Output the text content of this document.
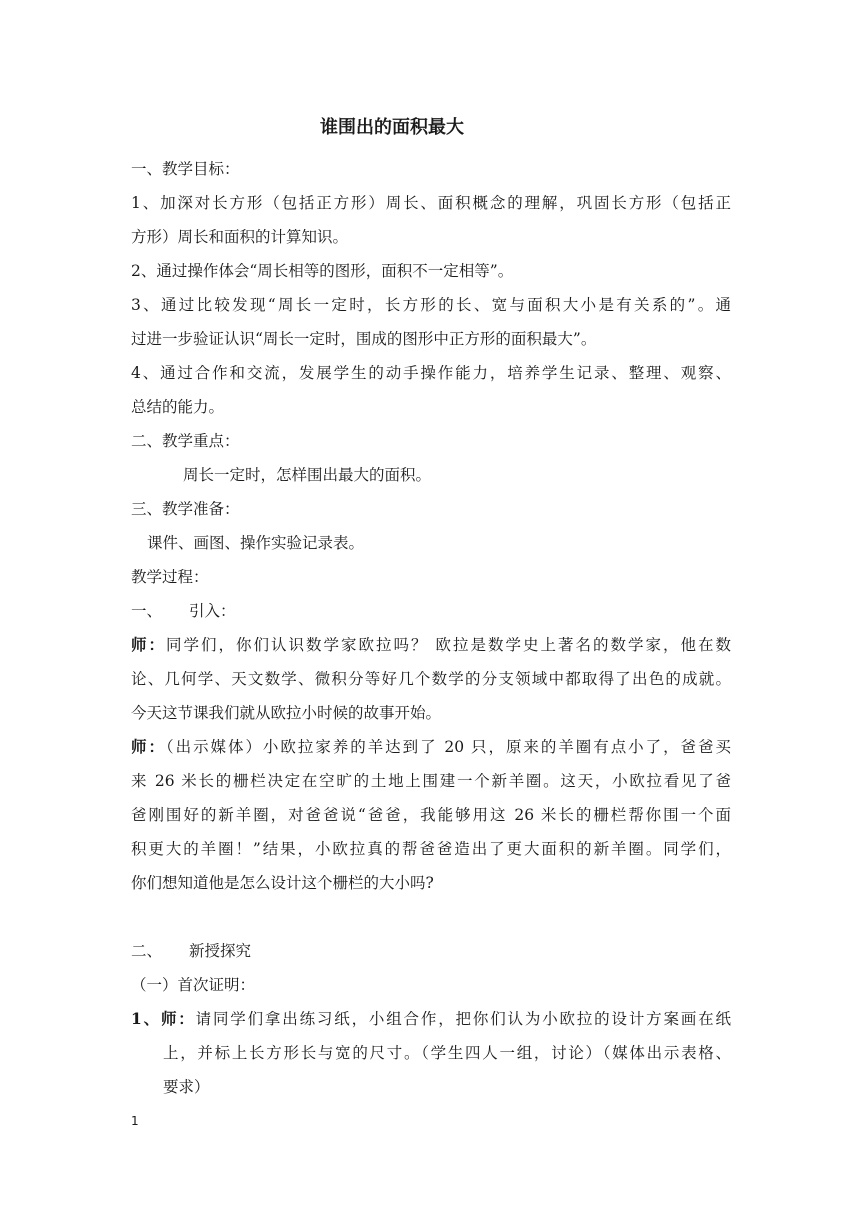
谁围出的面积最大
一、教学目标：
1、加深对长方形（包括正方形）周长、面积概念的理解，巩固长方形（包括正
方形）周长和面积的计算知识。
2、通过操作体会“周长相等的图形，面积不一定相等”。
3、通过比较发现“周长一定时，长方形的长、宽与面积大小是有关系的”。通
过进一步验证认识“周长一定时，围成的图形中正方形的面积最大”。
4、通过合作和交流，发展学生的动手操作能力，培养学生记录、整理、观察、
总结的能力。
二、教学重点：
周长一定时，怎样围出最大的面积。
三、教学准备：
课件、画图、操作实验记录表。
教学过程：
一、 引入：
师：同学们，你们认识数学家欧拉吗？ 欧拉是数学史上著名的数学家，他在数
论、几何学、天文数学、微积分等好几个数学的分支领域中都取得了出色的成就。
今天这节课我们就从欧拉小时候的故事开始。
师：（出示媒体）小欧拉家养的羊达到了 20 只，原来的羊圈有点小了，爸爸买
来 26 米长的栅栏决定在空旷的土地上围建一个新羊圈。这天，小欧拉看见了爸
爸刚围好的新羊圈，对爸爸说“爸爸，我能够用这 26 米长的栅栏帮你围一个面
积更大的羊圈！”结果，小欧拉真的帮爸爸造出了更大面积的新羊圈。同学们，
你们想知道他是怎么设计这个栅栏的大小吗?
二、 新授探究
（一）首次证明：
1、师：请同学们拿出练习纸，小组合作，把你们认为小欧拉的设计方案画在纸
上，并标上长方形长与宽的尺寸。（学生四人一组，讨论）（媒体出示表格、
要求）
1
